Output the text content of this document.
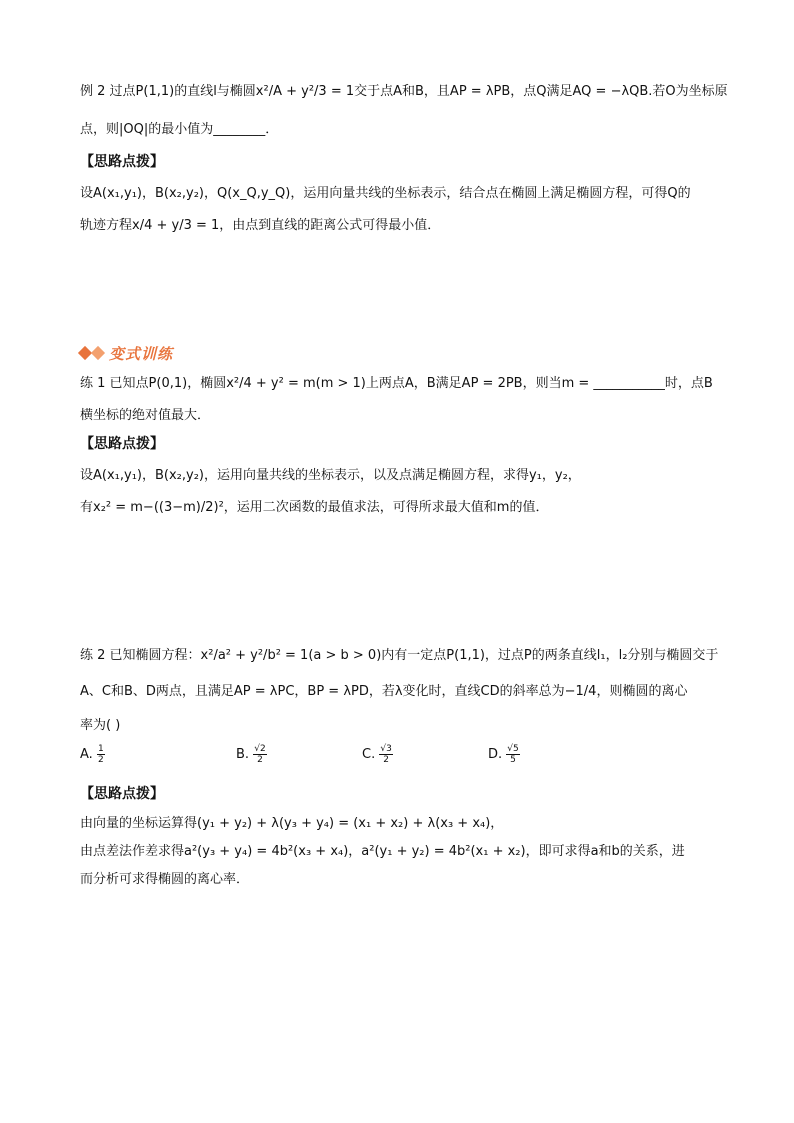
例 2 过点P(1,1)的直线l与椭圆x²/A + y²/3 = 1交于点A和B，且AP = λPB，点Q满足AQ = −λQB.若O为坐标原
点，则|OQ|的最小值为________．
【思路点拨】
设A(x₁,y₁)，B(x₂,y₂)，Q(x_Q,y_Q)，运用向量共线的坐标表示，结合点在椭圆上满足椭圆方程，可得Q的
轨迹方程x/4 + y/3 = 1，由点到直线的距离公式可得最小值．
变式训练
练 1 已知点P(0,1)，椭圆x²/4 + y² = m(m > 1)上两点A，B满足AP = 2PB，则当m = ___________时，点B
横坐标的绝对值最大．
【思路点拨】
设A(x₁,y₁)，B(x₂,y₂)，运用向量共线的坐标表示，以及点满足椭圆方程，求得y₁，y₂，
有x₂² = m−((3−m)/2)²，运用二次函数的最值求法，可得所求最大值和m的值．
练 2 已知椭圆方程：x²/a² + y²/b² = 1(a > b > 0)内有一定点P(1,1)，过点P的两条直线l₁，l₂分别与椭圆交于
A、C和B、D两点，且满足AP = λPC，BP = λPD，若λ变化时，直线CD的斜率总为−1/4，则椭圆的离心
率为( )
A. $\frac{1}{2}$	B. $\frac{√2}{2}$	C. $\frac{√3}{2}$	D. $\frac{√5}{5}$
【思路点拨】
由向量的坐标运算得(y₁ + y₂) + λ(y₃ + y₄) = (x₁ + x₂) + λ(x₃ + x₄)，
由点差法作差求得a²(y₃ + y₄) = 4b²(x₃ + x₄)，a²(y₁ + y₂) = 4b²(x₁ + x₂)，即可求得a和b的关系，进
而分析可求得椭圆的离心率．
